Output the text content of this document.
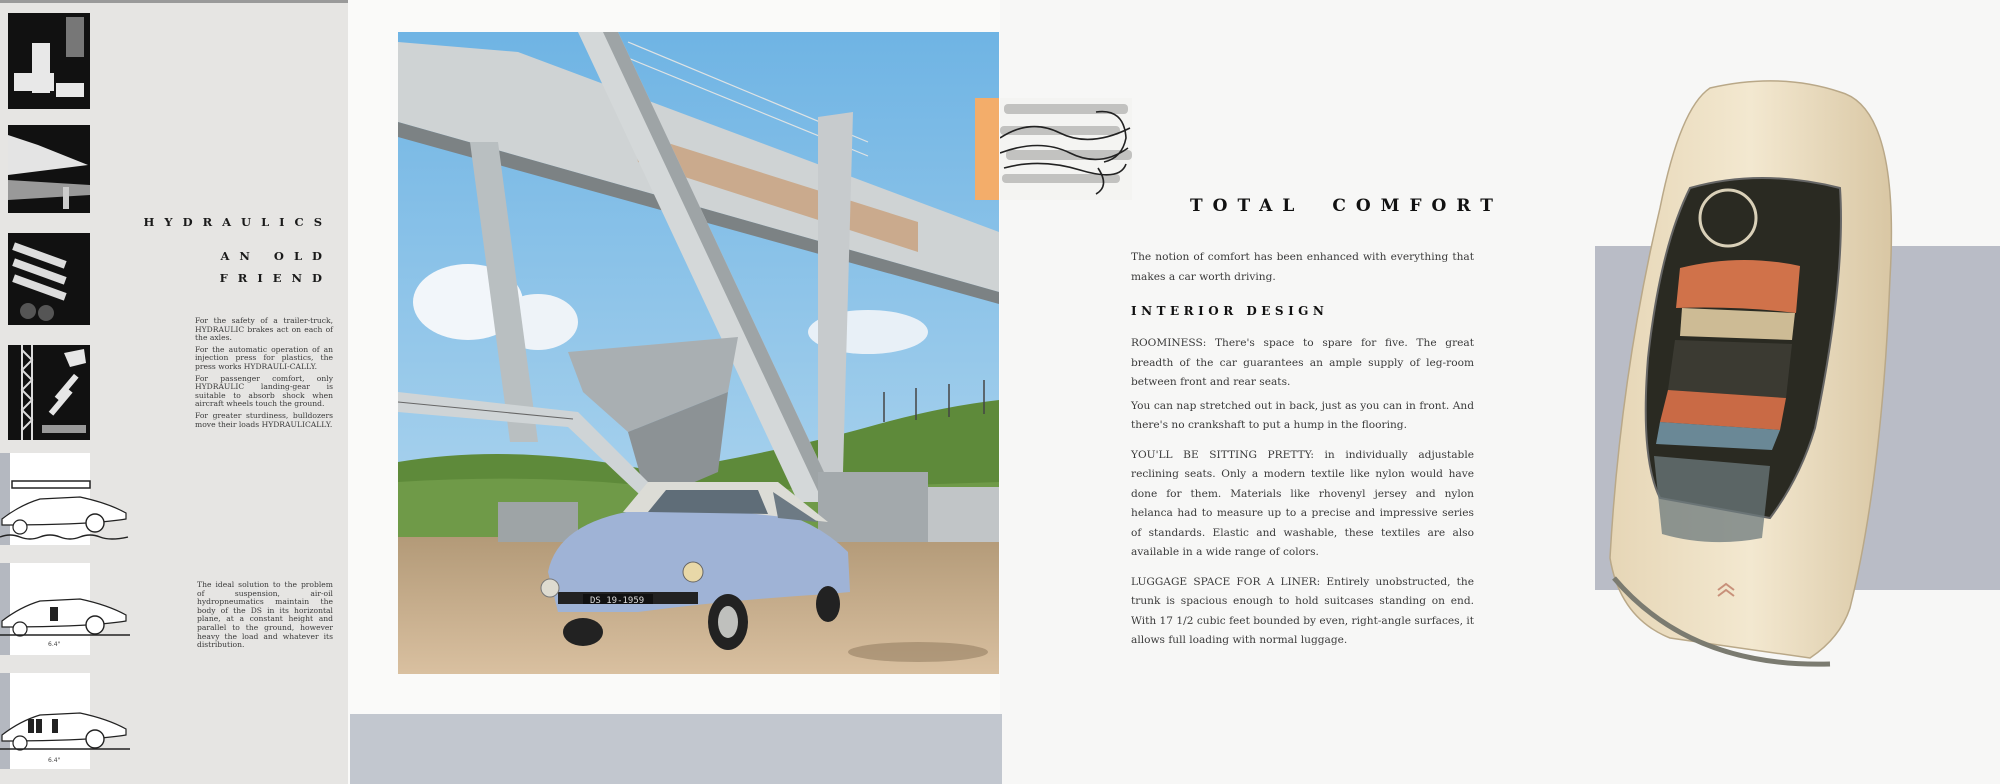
6.4"
6.4"
HYDRAULICS
AN OLD
FRIEND

For the safety of a trailer-truck, HYDRAULIC brakes act on each of the axles.

For the automatic operation of an injection press for plastics, the press works HYDRAULI-CALLY.

For passenger comfort, only HYDRAULIC landing-gear is suitable to absorb shock when aircraft wheels touch the ground.

For greater sturdiness, bulldozers move their loads HYDRAULICALLY.

The ideal solution to the problem of suspension, air-oil hydropneumatics maintain the body of the DS in its horizontal plane, at a constant height and parallel to the ground, however heavy the load and whatever its distribution.

DS 19-1959
TOTAL COMFORT

The notion of comfort has been enhanced with everything that makes a car worth driving.

INTERIOR DESIGN

ROOMINESS: There's space to spare for five. The great breadth of the car guarantees an ample supply of leg-room between front and rear seats.

You can nap stretched out in back, just as you can in front. And there's no crankshaft to put a hump in the flooring.

YOU'LL BE SITTING PRETTY: in individually adjustable reclining seats. Only a modern textile like nylon would have done for them. Materials like rhovenyl jersey and nylon helanca had to measure up to a precise and impressive series of standards. Elastic and washable, these textiles are also available in a wide range of colors.

LUGGAGE SPACE FOR A LINER: Entirely unobstructed, the trunk is spacious enough to hold suitcases standing on end. With 17 1/2 cubic feet bounded by even, right-angle surfaces, it allows full loading with normal luggage.
